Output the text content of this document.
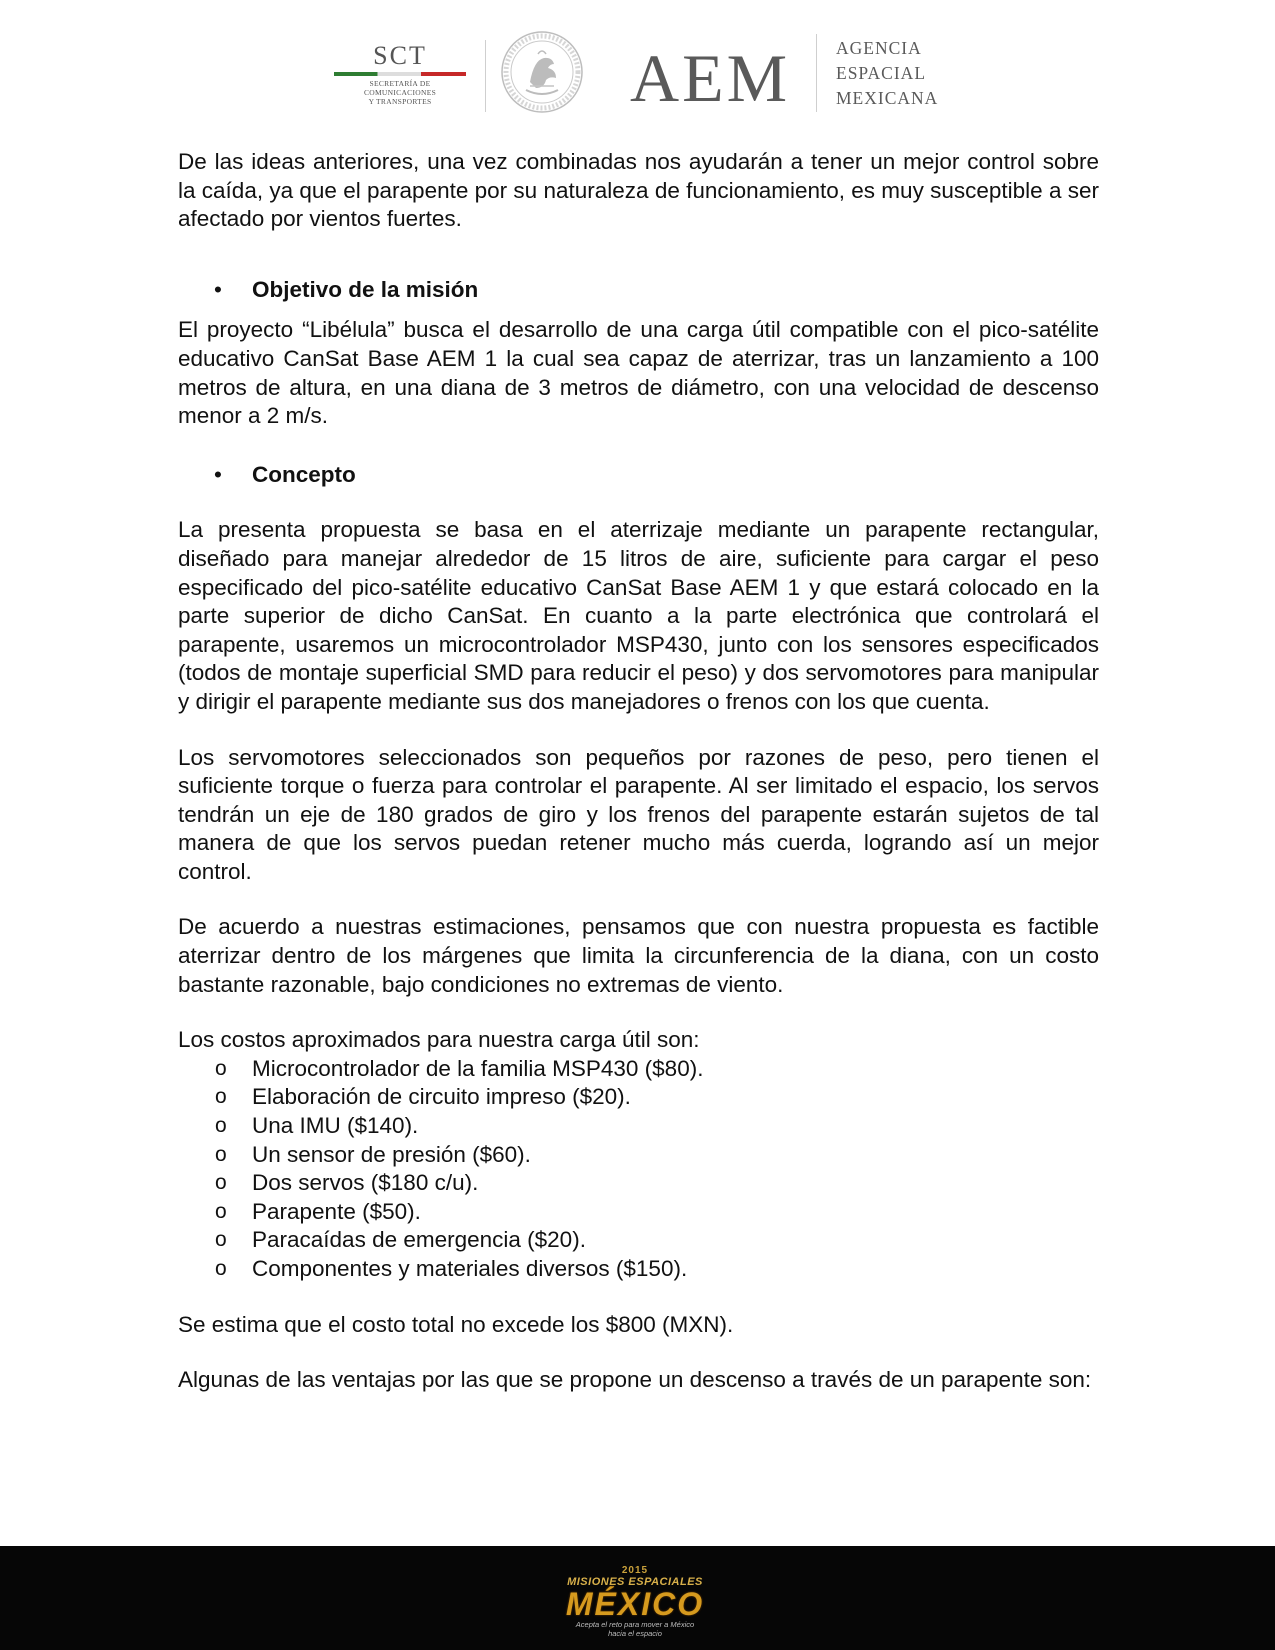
SCT
SECRETARÍA DE
COMUNICACIONES
Y TRANSPORTES	AEM	AGENCIA
ESPACIAL
MEXICANA

De las ideas anteriores, una vez combinadas nos ayudarán a tener un mejor control sobre la caída, ya que el parapente por su naturaleza de funcionamiento, es muy susceptible a ser afectado por vientos fuertes.

• Objetivo de la misión

El proyecto “Libélula” busca el desarrollo de una carga útil compatible con el pico-satélite educativo CanSat Base AEM 1 la cual sea capaz de aterrizar, tras un lanzamiento a 100 metros de altura, en una diana de 3 metros de diámetro, con una velocidad de descenso menor a 2 m/s.

• Concepto

La presenta propuesta se basa en el aterrizaje mediante un parapente rectangular, diseñado para manejar alrededor de 15 litros de aire, suficiente para cargar el peso especificado del pico-satélite educativo CanSat Base AEM 1 y que estará colocado en la parte superior de dicho CanSat. En cuanto a la parte electrónica que controlará el parapente, usaremos un microcontrolador MSP430, junto con los sensores especificados (todos de montaje superficial SMD para reducir el peso) y dos servomotores para manipular y dirigir el parapente mediante sus dos manejadores o frenos con los que cuenta.

Los servomotores seleccionados son pequeños por razones de peso, pero tienen el suficiente torque o fuerza para controlar el parapente. Al ser limitado el espacio, los servos tendrán un eje de 180 grados de giro y los frenos del parapente estarán sujetos de tal manera de que los servos puedan retener mucho más cuerda, logrando así un mejor control.

De acuerdo a nuestras estimaciones, pensamos que con nuestra propuesta es factible aterrizar dentro de los márgenes que limita la circunferencia de la diana, con un costo bastante razonable, bajo condiciones no extremas de viento.

Los costos aproximados para nuestra carga útil son:

o Microcontrolador de la familia MSP430 ($80).
o Elaboración de circuito impreso ($20).
o Una IMU ($140).
o Un sensor de presión ($60).
o Dos servos ($180 c/u).
o Parapente ($50).
o Paracaídas de emergencia ($20).
o Componentes y materiales diversos ($150).

Se estima que el costo total no excede los $800 (MXN).

Algunas de las ventajas por las que se propone un descenso a través de un parapente son:

2015
MISIONES ESPACIALES
MÉXICO
Acepta el reto para mover a México
hacia el espacio
